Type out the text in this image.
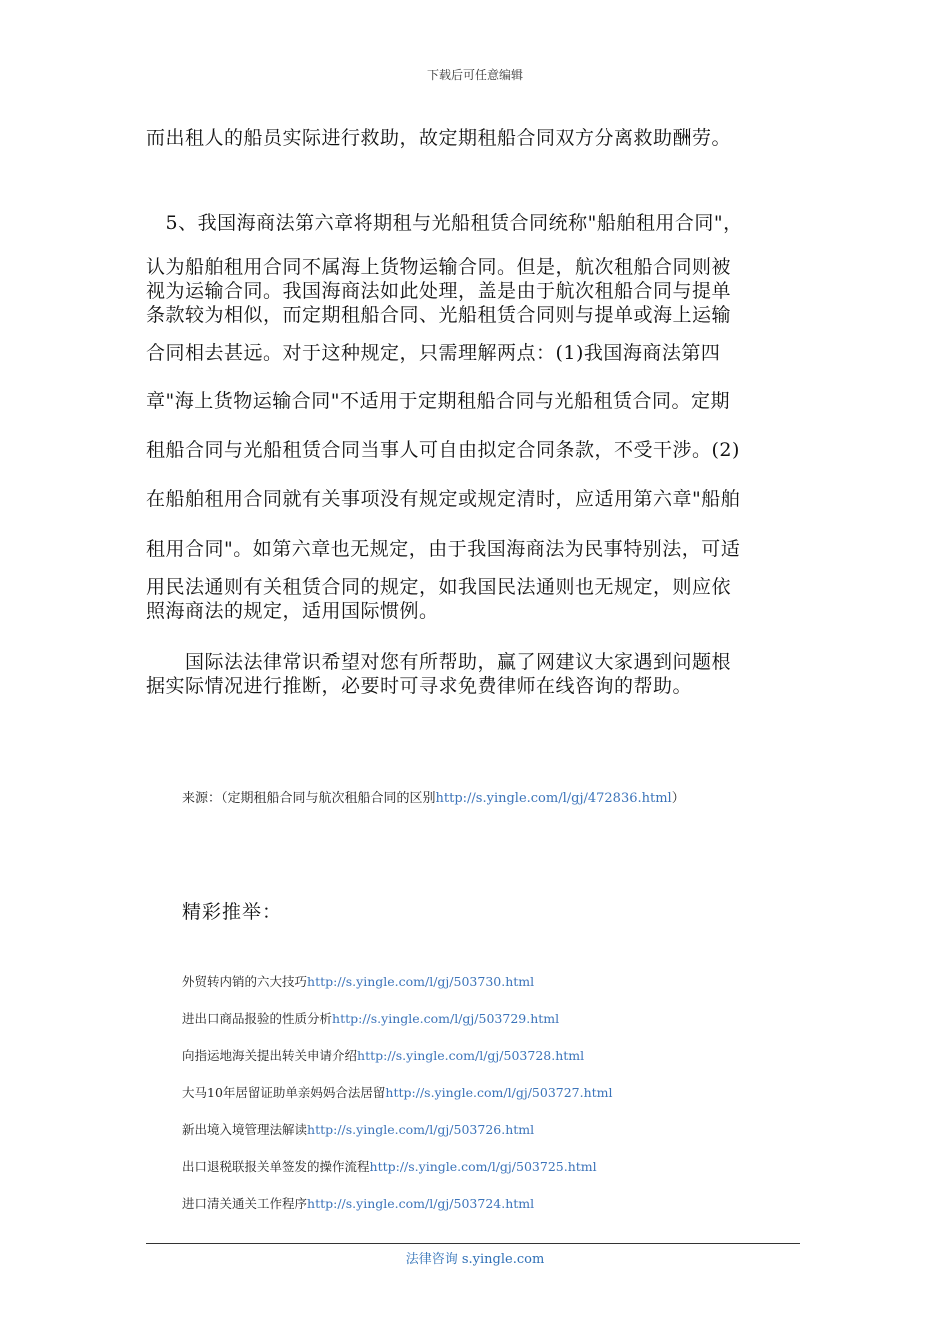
下载后可任意编辑
而出租人的船员实际进行救助，故定期租船合同双方分离救助酬劳。
　5、我国海商法第六章将期租与光船租赁合同统称"船舶租用合同"，
认为船舶租用合同不属海上货物运输合同。但是，航次租船合同则被
视为运输合同。我国海商法如此处理，盖是由于航次租船合同与提单
条款较为相似，而定期租船合同、光船租赁合同则与提单或海上运输
合同相去甚远。对于这种规定，只需理解两点：(1)我国海商法第四
章"海上货物运输合同"不适用于定期租船合同与光船租赁合同。定期
租船合同与光船租赁合同当事人可自由拟定合同条款，不受干涉。(2)
在船舶租用合同就有关事项没有规定或规定清时，应适用第六章"船舶
租用合同"。如第六章也无规定，由于我国海商法为民事特别法，可适
用民法通则有关租赁合同的规定，如我国民法通则也无规定，则应依
照海商法的规定，适用国际惯例。
　　国际法法律常识希望对您有所帮助，赢了网建议大家遇到问题根
据实际情况进行推断，必要时可寻求免费律师在线咨询的帮助。
来源：（定期租船合同与航次租船合同的区别http://s.yingle.com/l/gj/472836.html）
精彩推举：
外贸转内销的六大技巧http://s.yingle.com/l/gj/503730.html
进出口商品报验的性质分析http://s.yingle.com/l/gj/503729.html
向指运地海关提出转关申请介绍http://s.yingle.com/l/gj/503728.html
大马10年居留证助单亲妈妈合法居留http://s.yingle.com/l/gj/503727.html
新出境入境管理法解读http://s.yingle.com/l/gj/503726.html
出口退税联报关单签发的操作流程http://s.yingle.com/l/gj/503725.html
进口清关通关工作程序http://s.yingle.com/l/gj/503724.html
法律咨询 s.yingle.com
